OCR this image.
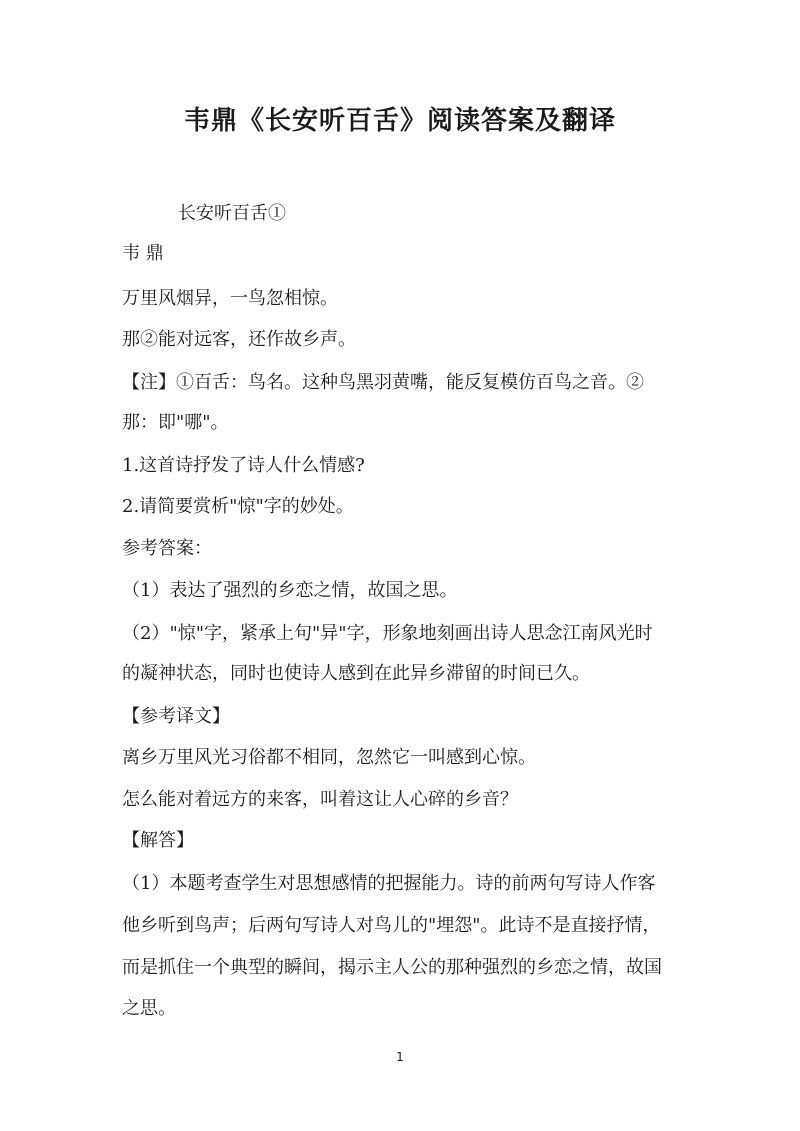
韦鼎《长安听百舌》阅读答案及翻译

长安听百舌①

韦 鼎

万里风烟异，一鸟忽相惊。

那②能对远客，还作故乡声。

【注】①百舌：鸟名。这种鸟黑羽黄嘴，能反复模仿百鸟之音。②

那：即"哪"。

1.这首诗抒发了诗人什么情感?

2.请简要赏析"惊"字的妙处。

参考答案：

（1）表达了强烈的乡恋之情，故国之思。

（2）"惊"字，紧承上句"异"字，形象地刻画出诗人思念江南风光时

的凝神状态，同时也使诗人感到在此异乡滞留的时间已久。

【参考译文】

离乡万里风光习俗都不相同，忽然它一叫感到心惊。

怎么能对着远方的来客，叫着这让人心碎的乡音？

【解答】

（1）本题考查学生对思想感情的把握能力。诗的前两句写诗人作客

他乡听到鸟声；后两句写诗人对鸟儿的"埋怨"。此诗不是直接抒情，

而是抓住一个典型的瞬间，揭示主人公的那种强烈的乡恋之情，故国

之思。

1
